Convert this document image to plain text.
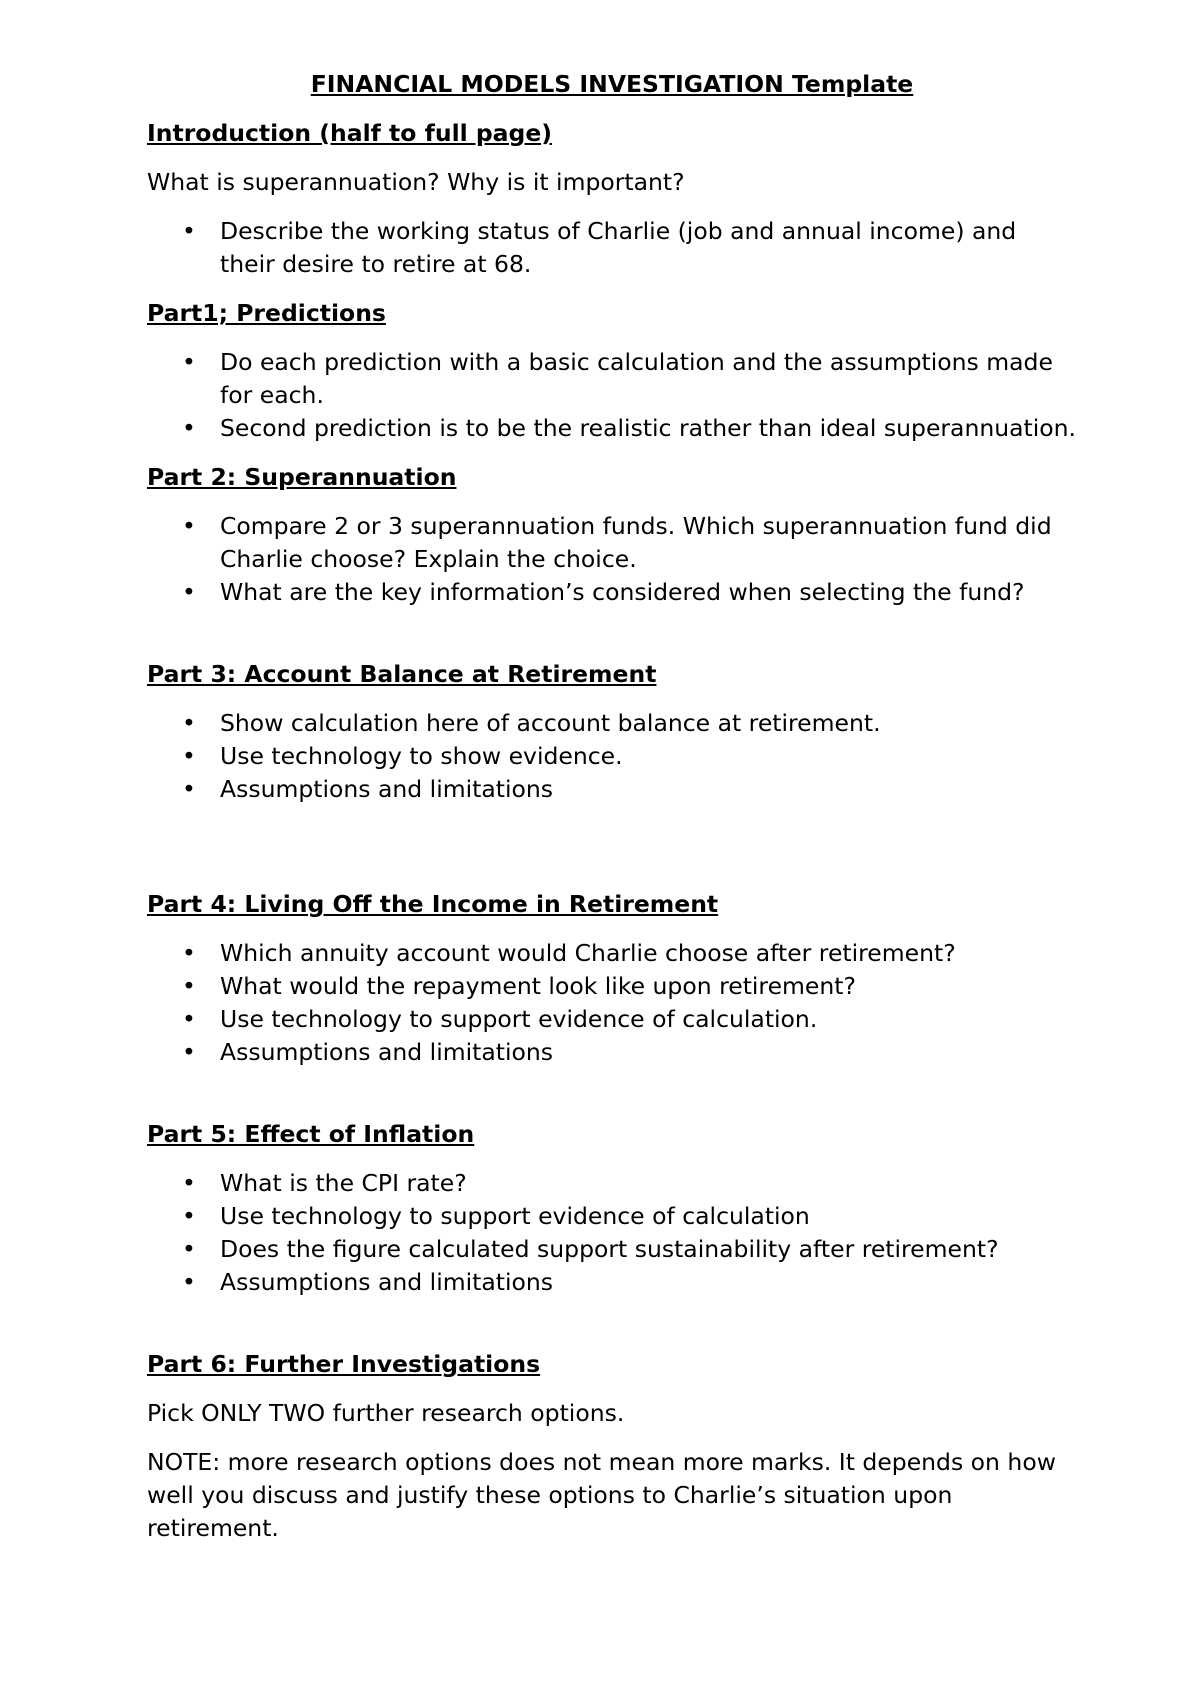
FINANCIAL MODELS INVESTIGATION Template
Introduction (half to full page)

What is superannuation? Why is it important?

• Describe the working status of Charlie (job and annual income) and their desire to retire at 68.
Part1; Predictions
• Do each prediction with a basic calculation and the assumptions made for each.
• Second prediction is to be the realistic rather than ideal superannuation.
Part 2: Superannuation
• Compare 2 or 3 superannuation funds. Which superannuation fund did Charlie choose? Explain the choice.
• What are the key information’s considered when selecting the fund?
Part 3: Account Balance at Retirement
• Show calculation here of account balance at retirement.
• Use technology to show evidence.
• Assumptions and limitations
Part 4: Living Off the Income in Retirement
• Which annuity account would Charlie choose after retirement?
• What would the repayment look like upon retirement?
• Use technology to support evidence of calculation.
• Assumptions and limitations
Part 5: Effect of Inflation
• What is the CPI rate?
• Use technology to support evidence of calculation
• Does the figure calculated support sustainability after retirement?
• Assumptions and limitations
Part 6: Further Investigations

Pick ONLY TWO further research options.

NOTE: more research options does not mean more marks. It depends on how well you discuss and justify these options to Charlie’s situation upon retirement.
